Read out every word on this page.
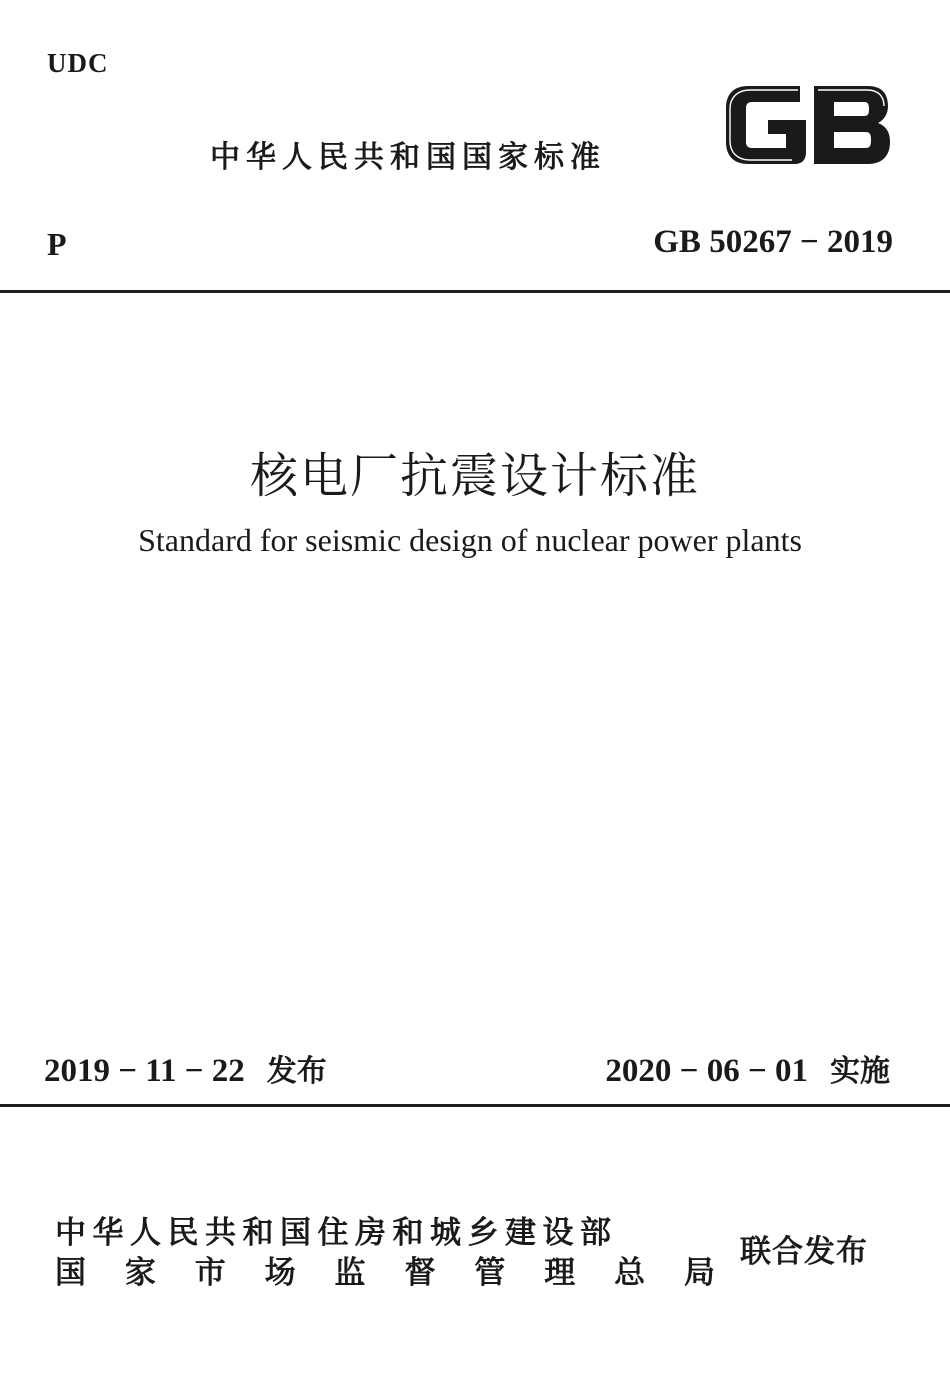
UDC
中华人民共和国国家标准
P	GB 50267 − 2019
核电厂抗震设计标准
Standard for seismic design of nuclear power plants
2019 − 11 − 22 发布	2020 − 06 − 01 实施
中华人民共和国住房和城乡建设部
国家市场监督管理总局
联合发布
